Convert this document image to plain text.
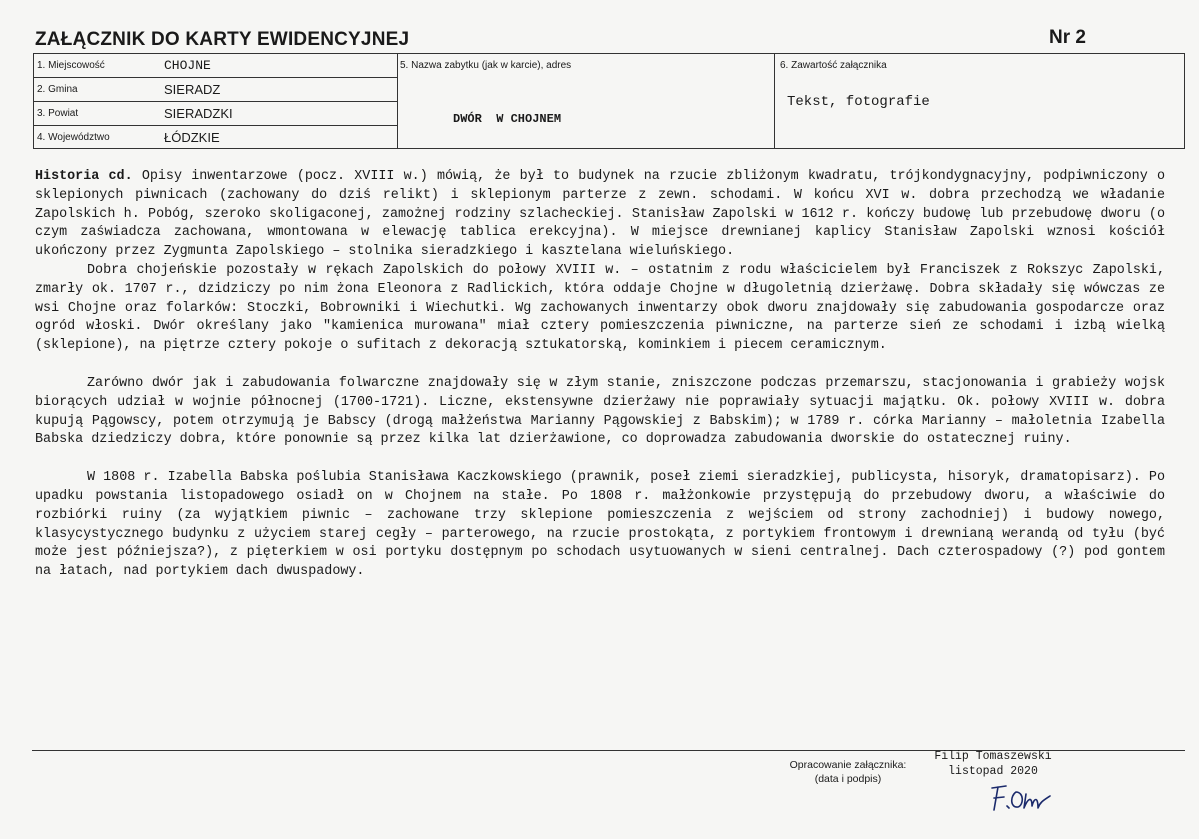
ZAŁĄCZNIK DO KARTY EWIDENCYJNEJ	Nr 2
1. Miejscowość	CHOJNE
2. Gmina	SIERADZ
3. Powiat	SIERADZKI
4. Województwo	ŁÓDZKIE
5. Nazwa zabytku (jak w karcie), adres
DWÓR  W CHOJNEM
6. Zawartość załącznika
Tekst, fotografie

Historia cd. Opisy inwentarzowe (pocz. XVIII w.) mówią, że był to budynek na rzucie zbliżonym kwadratu, trójkondygnacyjny, podpiwniczony o sklepionych piwnicach (zachowany do dziś relikt) i sklepionym parterze z zewn. schodami. W końcu XVI w. dobra przechodzą we władanie Zapolskich h. Pobóg, szeroko skoligaconej, zamożnej rodziny szlacheckiej. Stanisław Zapolski w 1612 r. kończy budowę lub przebudowę dworu (o czym zaświadcza zachowana, wmontowana w elewację tablica erekcyjna). W miejsce drewnianej kaplicy Stanisław Zapolski wznosi kościół ukończony przez Zygmunta Zapolskiego – stolnika sieradzkiego i kasztelana wieluńskiego.

Dobra chojeńskie pozostały w rękach Zapolskich do połowy XVIII w. – ostatnim z rodu właścicielem był Franciszek z Rokszyc Zapolski, zmarły ok. 1707 r., dzidziczy po nim żona Eleonora z Radlickich, która oddaje Chojne w długoletnią dzierżawę. Dobra składały się wówczas ze wsi Chojne oraz folarków: Stoczki, Bobrowniki i Wiechutki. Wg zachowanych inwentarzy obok dworu znajdowały się zabudowania gospodarcze oraz ogród włoski. Dwór określany jako "kamienica murowana" miał cztery pomieszczenia piwniczne, na parterze sień ze schodami i izbą wielką (sklepione), na piętrze cztery pokoje o sufitach z dekoracją sztukatorską, kominkiem i piecem ceramicznym.

Zarówno dwór jak i zabudowania folwarczne znajdowały się w złym stanie, zniszczone podczas przemarszu, stacjonowania i grabieży wojsk biorących udział w wojnie północnej (1700-1721). Liczne, ekstensywne dzierżawy nie poprawiały sytuacji majątku. Ok. połowy XVIII w. dobra kupują Pągowscy, potem otrzymują je Babscy (drogą małżeństwa Marianny Pągowskiej z Babskim); w 1789 r. córka Marianny – małoletnia Izabella Babska dziedziczy dobra, które ponownie są przez kilka lat dzierżawione, co doprowadza zabudowania dworskie do ostatecznej ruiny.

W 1808 r. Izabella Babska poślubia Stanisława Kaczkowskiego (prawnik, poseł ziemi sieradzkiej, publicysta, hisoryk, dramatopisarz). Po upadku powstania listopadowego osiadł on w Chojnem na stałe. Po 1808 r. małżonkowie przystępują do przebudowy dworu, a właściwie do rozbiórki ruiny (za wyjątkiem piwnic – zachowane trzy sklepione pomieszczenia z wejściem od strony zachodniej) i budowy nowego, klasycystycznego budynku z użyciem starej cegły – parterowego, na rzucie prostokąta, z portykiem frontowym i drewnianą werandą od tyłu (być może jest późniejsza?), z pięterkiem w osi portyku dostępnym po schodach usytuowanych w sieni centralnej. Dach czterospadowy (?) pod gontem na łatach, nad portykiem dach dwuspadowy.

Opracowanie załącznika:
(data i podpis)
Filip Tomaszewski
listopad 2020
